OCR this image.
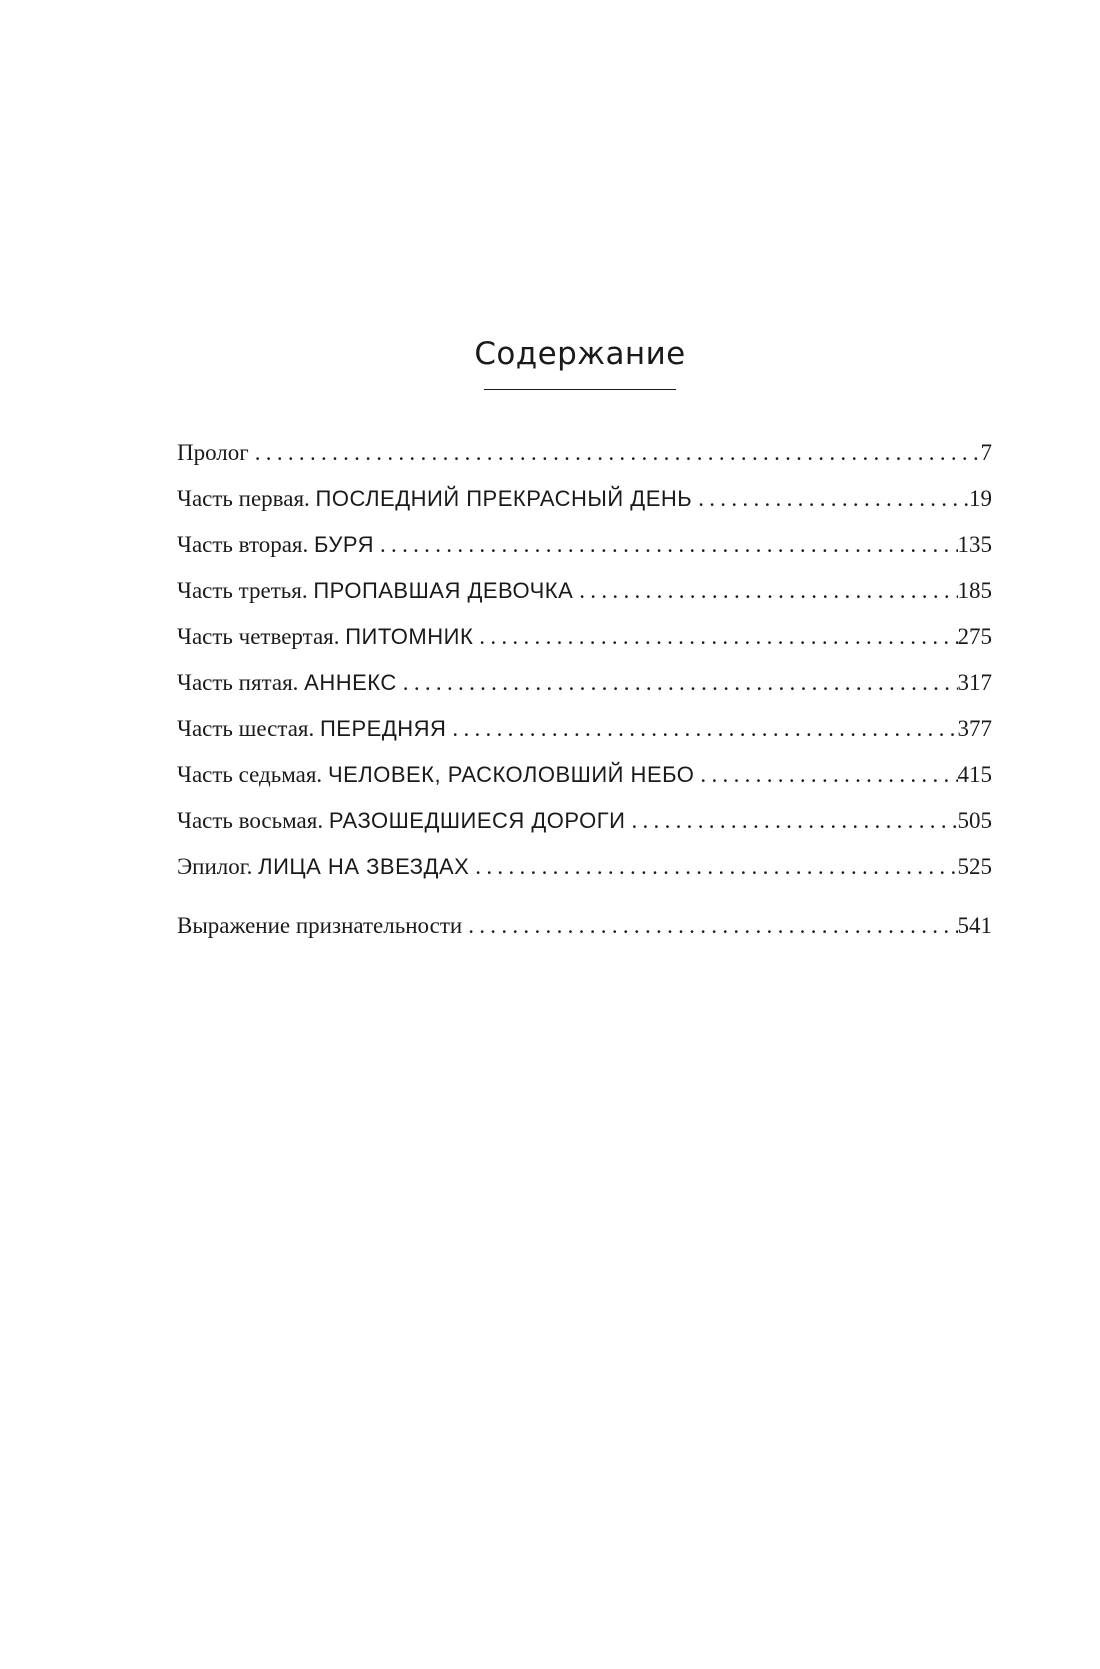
Содержание
Пролог .....	7
Часть первая. ПОСЛЕДНИЙ ПРЕКРАСНЫЙ ДЕНЬ .....	19
Часть вторая. БУРЯ .....	135
Часть третья. ПРОПАВШАЯ ДЕВОЧКА .....	185
Часть четвертая. ПИТОМНИК .....	275
Часть пятая. АННЕКС .....	317
Часть шестая. ПЕРЕДНЯЯ .....	377
Часть седьмая. ЧЕЛОВЕК, РАСКОЛОВШИЙ НЕБО .....	415
Часть восьмая. РАЗОШЕДШИЕСЯ ДОРОГИ .....	505
Эпилог. ЛИЦА НА ЗВЕЗДАХ .....	525
Выражение признательности .....	541
